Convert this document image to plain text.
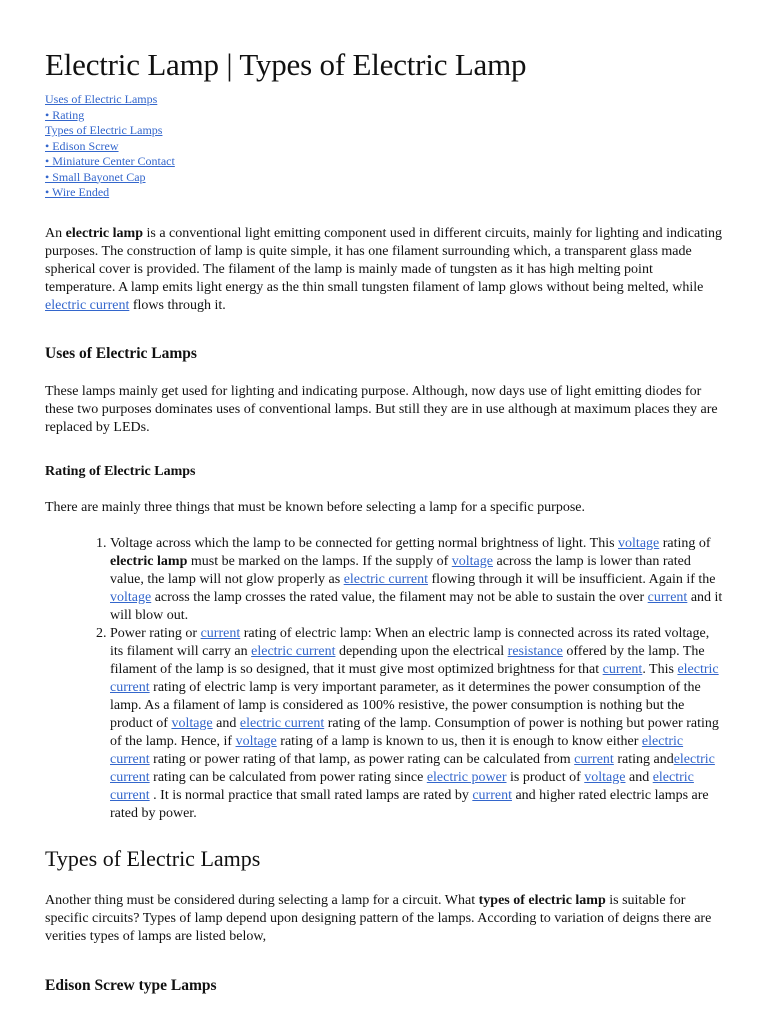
Electric Lamp | Types of Electric Lamp
Uses of Electric Lamps
• Rating
Types of Electric Lamps
• Edison Screw
• Miniature Center Contact
• Small Bayonet Cap
• Wire Ended

An electric lamp is a conventional light emitting component used in different circuits, mainly for lighting and indicating purposes. The construction of lamp is quite simple, it has one filament surrounding which, a transparent glass made spherical cover is provided. The filament of the lamp is mainly made of tungsten as it has high melting point temperature. A lamp emits light energy as the thin small tungsten filament of lamp glows without being melted, while electric current flows through it.

Uses of Electric Lamps

These lamps mainly get used for lighting and indicating purpose. Although, now days use of light emitting diodes for these two purposes dominates uses of conventional lamps. But still they are in use although at maximum places they are replaced by LEDs.

Rating of Electric Lamps

There are mainly three things that must be known before selecting a lamp for a specific purpose.

1. Voltage across which the lamp to be connected for getting normal brightness of light. This voltage rating of electric lamp must be marked on the lamps. If the supply of voltage across the lamp is lower than rated value, the lamp will not glow properly as electric current flowing through it will be insufficient. Again if the voltage across the lamp crosses the rated value, the filament may not be able to sustain the over current and it will blow out.
2. Power rating or current rating of electric lamp: When an electric lamp is connected across its rated voltage, its filament will carry an electric current depending upon the electrical resistance offered by the lamp. The filament of the lamp is so designed, that it must give most optimized brightness for that current. This electric current rating of electric lamp is very important parameter, as it determines the power consumption of the lamp. As a filament of lamp is considered as 100% resistive, the power consumption is nothing but the product of voltage and electric current rating of the lamp. Consumption of power is nothing but power rating of the lamp. Hence, if voltage rating of a lamp is known to us, then it is enough to know either electric current rating or power rating of that lamp, as power rating can be calculated from current rating andelectric current rating can be calculated from power rating since electric power is product of voltage and electric current . It is normal practice that small rated lamps are rated by current and higher rated electric lamps are rated by power.
Types of Electric Lamps

Another thing must be considered during selecting a lamp for a circuit. What types of electric lamp is suitable for specific circuits? Types of lamp depend upon designing pattern of the lamps. According to variation of deigns there are verities types of lamps are listed below,

Edison Screw type Lamps
